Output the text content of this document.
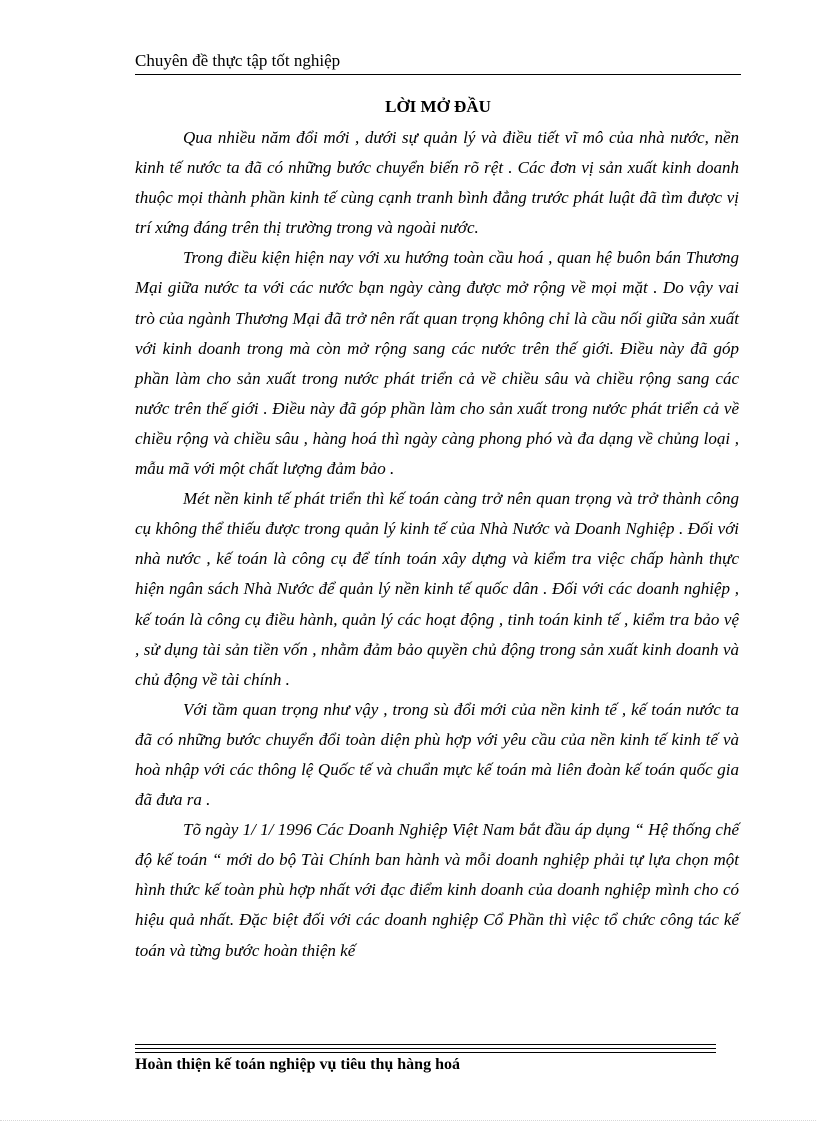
Chuyên đề thực tập tốt nghiệp
LỜI MỞ ĐẦU

Qua nhiều năm đổi mới , dưới sự quản lý và điều tiết vĩ mô của nhà nước, nền kinh tế nước ta đã có những bước chuyển biến rõ rệt . Các đơn vị sản xuất kinh doanh thuộc mọi thành phần kinh tế cùng cạnh tranh bình đẳng trước phát luật đã tìm được vị trí xứng đáng trên thị trường trong và ngoài nước.

Trong điều kiện hiện nay với xu hướng toàn cầu hoá , quan hệ buôn bán Thương Mại giữa nước ta với các nước bạn ngày càng được mở rộng về mọi mặt . Do vậy vai trò của ngành Thương Mại đã trở nên rất quan trọng không chỉ là cầu nối giữa sản xuất với kinh doanh trong mà còn mở rộng sang các nước trên thế giới. Điều này đã góp phần làm cho sản xuất trong nước phát triển cả về chiều sâu và chiều rộng sang các nước trên thế giới . Điều này đã góp phần làm cho sản xuất trong nước phát triển cả về chiều rộng và chiều sâu , hàng hoá thì ngày càng phong phó và đa dạng về chủng loại , mẫu mã với một chất lượng đảm bảo .

Mét nền kinh tế phát triển thì kế toán càng trở nên quan trọng và trở thành công cụ không thể thiếu được trong quản lý kinh tế của Nhà Nước và Doanh Nghiệp . Đối với nhà nước , kế toán là công cụ để tính toán xây dựng và kiểm tra việc chấp hành thực hiện ngân sách Nhà Nước để quản lý nền kinh tế quốc dân . Đối với các doanh nghiệp , kế toán là công cụ điều hành, quản lý các hoạt động , tinh toán kinh tế , kiểm tra bảo vệ , sử dụng tài sản tiền vốn , nhằm đảm bảo quyền chủ động trong sản xuất kinh doanh và chủ động về tài chính .

Với tầm quan trọng như vậy , trong sù đổi mới của nền kinh tế , kế toán nước ta đã có những bước chuyển đổi toàn diện phù hợp với yêu cầu của nền kinh tế kinh tế và hoà nhập với các thông lệ Quốc tế và chuẩn mực kế toán mà liên đoàn kế toán quốc gia đã đưa ra .

Tõ ngày 1/ 1/ 1996 Các Doanh Nghiệp Việt Nam bắt đầu áp dụng “ Hệ thống chế độ kế toán “ mới do bộ Tài Chính ban hành và mỗi doanh nghiệp phải tự lựa chọn một hình thức kế toàn phù hợp nhất với đạc điểm kinh doanh của doanh nghiệp mình cho có hiệu quả nhất. Đặc biệt đối với các doanh nghiệp Cổ Phần thì việc tổ chức công tác kế toán và từng bước hoàn thiện kế

Hoàn thiện kế toán nghiệp vụ tiêu thụ hàng hoá
